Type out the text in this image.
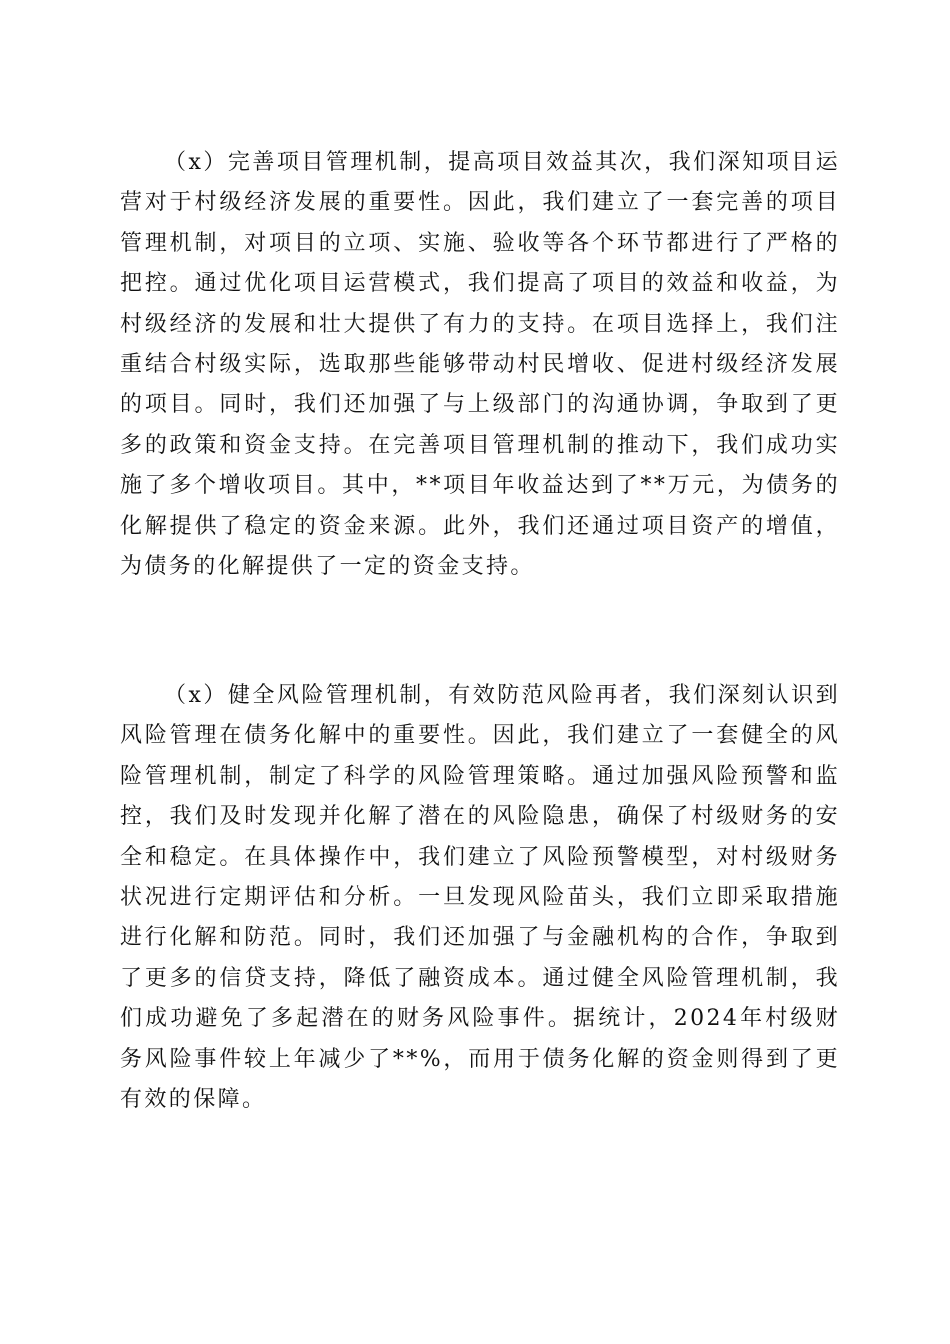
（x）完善项目管理机制，提高项目效益其次，我们深知项目运营对于村级经济发展的重要性。因此，我们建立了一套完善的项目管理机制，对项目的立项、实施、验收等各个环节都进行了严格的把控。通过优化项目运营模式，我们提高了项目的效益和收益，为村级经济的发展和壮大提供了有力的支持。在项目选择上，我们注重结合村级实际，选取那些能够带动村民增收、促进村级经济发展的项目。同时，我们还加强了与上级部门的沟通协调，争取到了更多的政策和资金支持。在完善项目管理机制的推动下，我们成功实施了多个增收项目。其中，**项目年收益达到了**万元，为债务的化解提供了稳定的资金来源。此外，我们还通过项目资产的增值，为债务的化解提供了一定的资金支持。

（x）健全风险管理机制，有效防范风险再者，我们深刻认识到风险管理在债务化解中的重要性。因此，我们建立了一套健全的风险管理机制，制定了科学的风险管理策略。通过加强风险预警和监控，我们及时发现并化解了潜在的风险隐患，确保了村级财务的安全和稳定。在具体操作中，我们建立了风险预警模型，对村级财务状况进行定期评估和分析。一旦发现风险苗头，我们立即采取措施进行化解和防范。同时，我们还加强了与金融机构的合作，争取到了更多的信贷支持，降低了融资成本。通过健全风险管理机制，我们成功避免了多起潜在的财务风险事件。据统计，2024年村级财务风险事件较上年减少了**%，而用于债务化解的资金则得到了更有效的保障。
